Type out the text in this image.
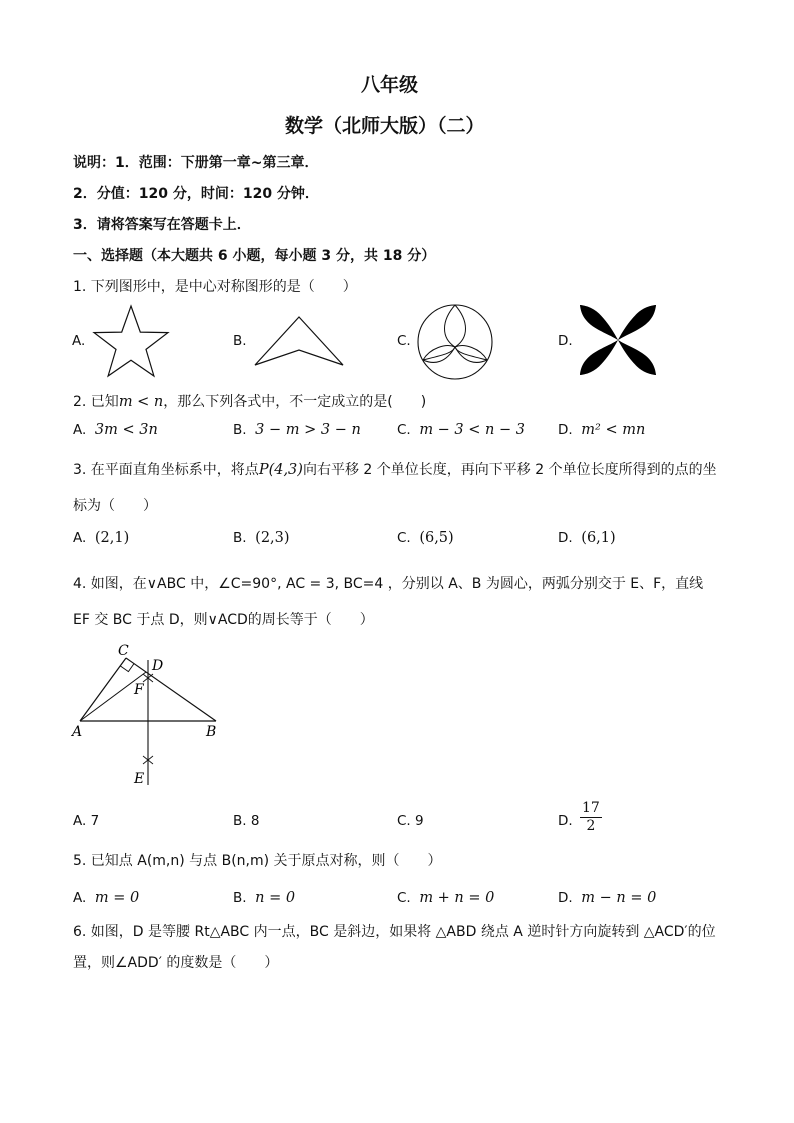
八年级
数学（北师大版）（二）
说明：1．范围：下册第一章~第三章．
2．分值：120 分，时间：120 分钟．
3．请将答案写在答题卡上．
一、选择题（本大题共 6 小题，每小题 3 分，共 18 分）
1. 下列图形中，是中心对称图形的是（　　）
A.	B.	C.	D.
2. 已知m < n，那么下列各式中，不一定成立的是(　　)
A. 3m < 3n	B. 3 − m > 3 − n	C. m − 3 < n − 3 D. m² < mn
3. 在平面直角坐标系中，将点P(4,3)向右平移 2 个单位长度，再向下平移 2 个单位长度所得到的点的坐
标为（　　）
A. (2,1)	B. (2,3)	C. (6,5)	D. (6,1)
4. 如图，在∨ABC 中，∠C=90°, AC = 3, BC=4 ，分别以 A、B 为圆心，两弧分别交于 E、F，直线
EF 交 BC 于点 D，则∨ACD的周长等于（　　）
C
D
F
A	B
E
A. 7	B. 8	C. 9	D. $\frac{17}{2}$
5. 已知点 A(m,n) 与点 B(n,m) 关于原点对称，则（　　）
A. m = 0	B. n = 0	C. m + n = 0	D. m − n = 0
6. 如图，D 是等腰 Rt△ABC 内一点，BC 是斜边，如果将 △ABD 绕点 A 逆时针方向旋转到 △ACD′的位
置，则∠ADD′ 的度数是（　　）
